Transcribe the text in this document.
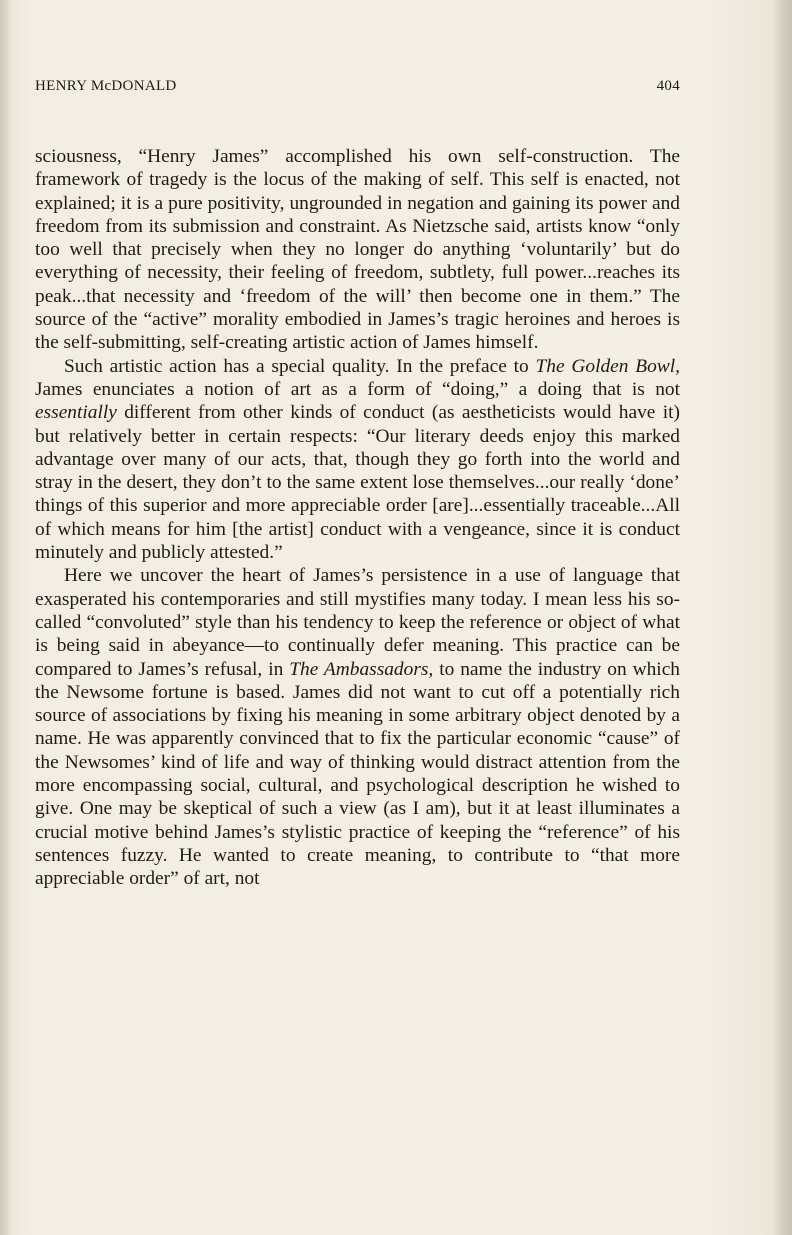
HENRY McDONALD	404

sciousness, “Henry James” accomplished his own self-construction. The framework of tragedy is the locus of the making of self. This self is enacted, not explained; it is a pure positivity, ungrounded in negation and gaining its power and freedom from its submission and constraint. As Nietzsche said, artists know “only too well that precisely when they no longer do anything ‘voluntarily’ but do everything of necessity, their feeling of freedom, subtlety, full power...reaches its peak...that necessity and ‘freedom of the will’ then become one in them.” The source of the “active” morality embodied in James’s tragic heroines and heroes is the self-submitting, self-creating artistic action of James himself.

Such artistic action has a special quality. In the preface to The Golden Bowl, James enunciates a notion of art as a form of “doing,” a doing that is not essentially different from other kinds of conduct (as aestheticists would have it) but relatively better in certain respects: “Our literary deeds enjoy this marked advantage over many of our acts, that, though they go forth into the world and stray in the desert, they don’t to the same extent lose themselves...our really ‘done’ things of this superior and more appreciable order [are]...essentially traceable...All of which means for him [the artist] conduct with a vengeance, since it is conduct minutely and publicly attested.”

Here we uncover the heart of James’s persistence in a use of language that exasperated his contemporaries and still mystifies many today. I mean less his so-called “convoluted” style than his tendency to keep the reference or object of what is being said in abeyance—to continually defer meaning. This practice can be compared to James’s refusal, in The Ambassadors, to name the industry on which the Newsome fortune is based. James did not want to cut off a potentially rich source of associations by fixing his meaning in some arbitrary object denoted by a name. He was apparently convinced that to fix the particular economic “cause” of the Newsomes’ kind of life and way of thinking would distract attention from the more encompassing social, cultural, and psychological description he wished to give. One may be skeptical of such a view (as I am), but it at least illuminates a crucial motive behind James’s stylistic practice of keeping the “reference” of his sentences fuzzy. He wanted to create meaning, to contribute to “that more appreciable order” of art, not
